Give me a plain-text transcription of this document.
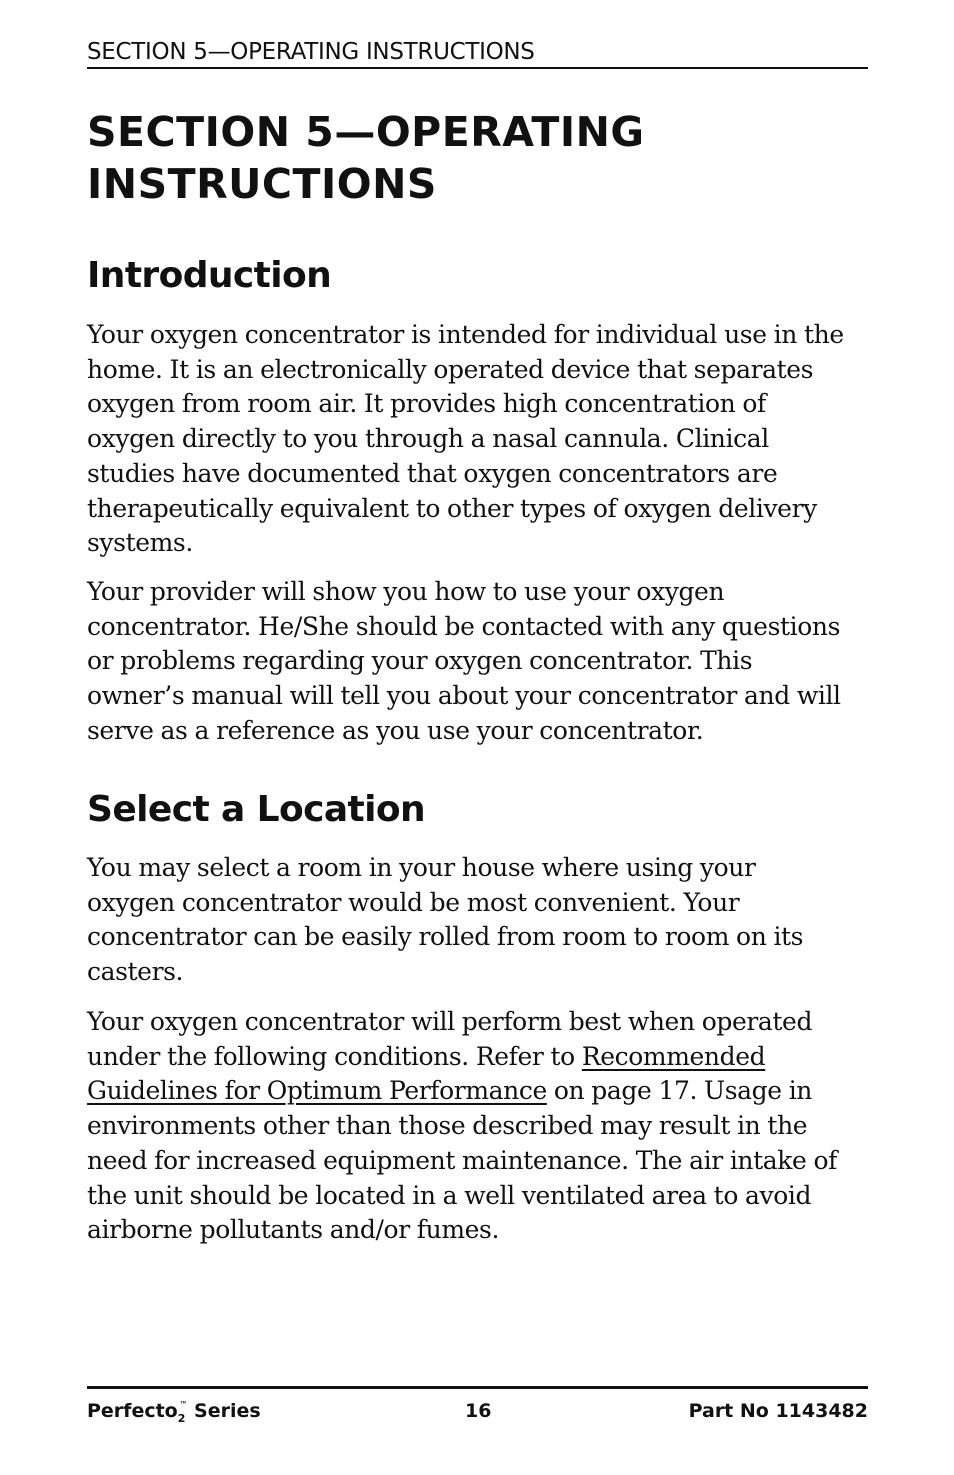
SECTION 5—OPERATING INSTRUCTIONS
SECTION 5—OPERATING
INSTRUCTIONS
Introduction

Your oxygen concentrator is intended for individual use in the
home. It is an electronically operated device that separates
oxygen from room air. It provides high concentration of
oxygen directly to you through a nasal cannula. Clinical
studies have documented that oxygen concentrators are
therapeutically equivalent to other types of oxygen delivery
systems.

Your provider will show you how to use your oxygen
concentrator. He/She should be contacted with any questions
or problems regarding your oxygen concentrator. This
owner’s manual will tell you about your concentrator and will
serve as a reference as you use your concentrator.

Select a Location

You may select a room in your house where using your
oxygen concentrator would be most convenient. Your
concentrator can be easily rolled from room to room on its
casters.

Your oxygen concentrator will perform best when operated
under the following conditions. Refer to Recommended
Guidelines for Optimum Performance on page 17. Usage in
environments other than those described may result in the
need for increased equipment maintenance. The air intake of
the unit should be located in a well ventilated area to avoid
airborne pollutants and/or fumes.

Perfecto$_2$™ Series	16	Part No 1143482
